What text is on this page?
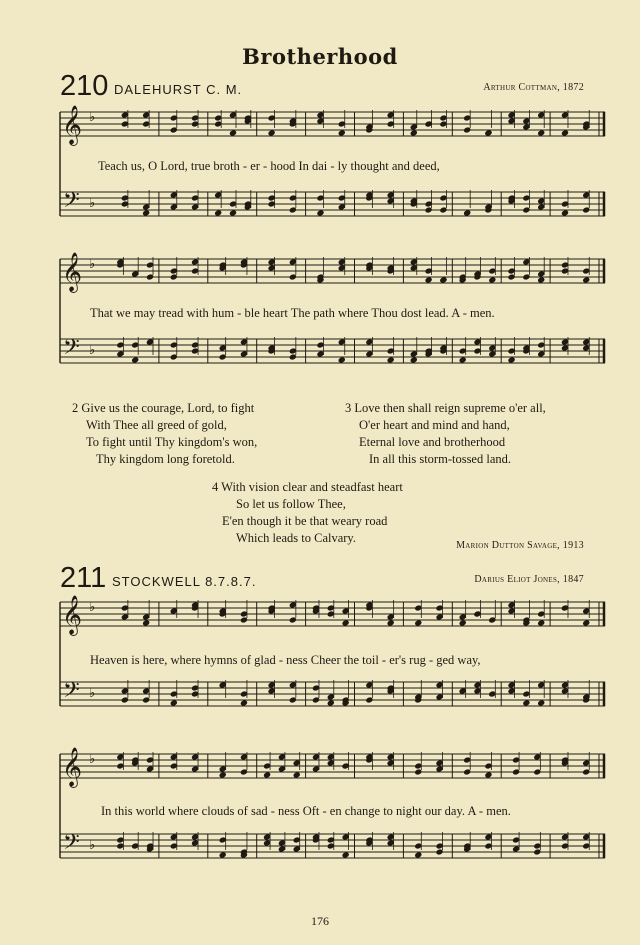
Brotherhood
210 DALEHURST C. M.	Arthur Cottman, 1872
𝄞
𝄢
♭
♭
Teach us, O Lord, true broth - er - hood In dai - ly thought and deed,
𝄞
𝄢
♭
♭
That we may tread with hum - ble heart The path where Thou dost lead. A - men.
2 Give us the courage, Lord, to fight
With Thee all greed of gold,
To fight until Thy kingdom's won,
Thy kingdom long foretold.
3 Love then shall reign supreme o'er all,
O'er heart and mind and hand,
Eternal love and brotherhood
In all this storm-tossed land.
4 With vision clear and steadfast heart
So let us follow Thee,
E'en though it be that weary road
Which leads to Calvary.
Marion Dutton Savage, 1913
211 STOCKWELL 8.7.8.7.	Darius Eliot Jones, 1847
𝄞
𝄢
♭
♭
Heaven is here, where hymns of glad - ness Cheer the toil - er's rug - ged way,
𝄞
𝄢
♭
♭
In this world where clouds of sad - ness Oft - en change to night our day. A - men.
176
